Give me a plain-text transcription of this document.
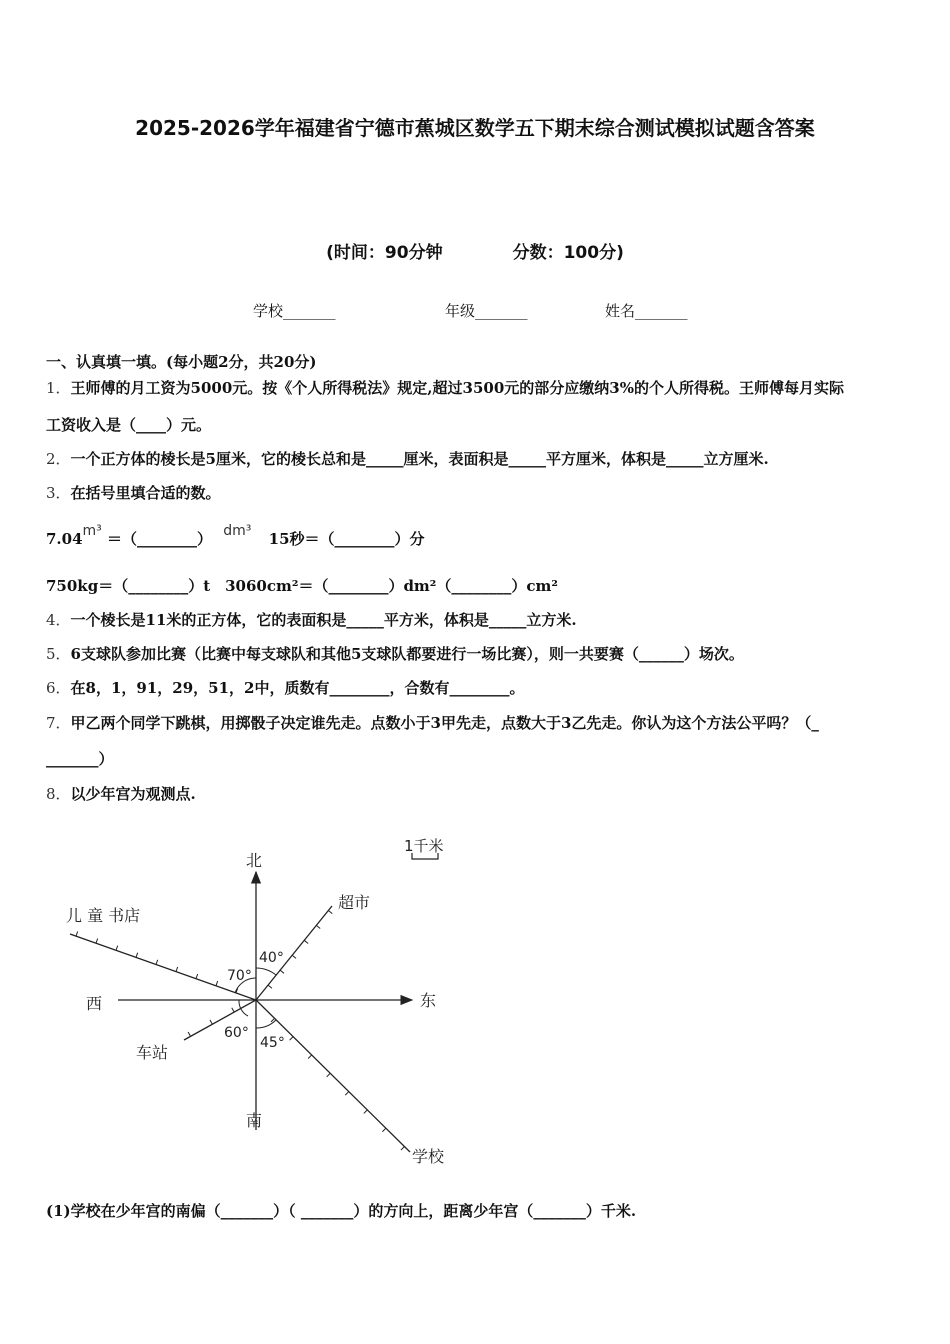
2025-2026学年福建省宁德市蕉城区数学五下期末综合测试模拟试题含答案
(时间：90分钟	分数：100分)
学校_______	年级_______	姓名_______
一、认真填一填。(每小题2分，共20分)
1．王师傅的月工资为5000元。按《个人所得税法》规定,超过3500元的部分应缴纳3%的个人所得税。王师傅每月实际
工资收入是（____）元。
2．一个正方体的棱长是5厘米，它的棱长总和是_____厘米，表面积是_____平方厘米，体积是_____立方厘米.
3．在括号里填合适的数。
7.04m³ ＝（________） dm³ 15秒＝（________）分
750kg＝（________）t　3060cm²＝（________）dm²（________）cm²
4．一个棱长是11米的正方体，它的表面积是_____平方米，体积是_____立方米.
5．6支球队参加比赛（比赛中每支球队和其他5支球队都要进行一场比赛），则一共要赛（______）场次。
6．在8，1，91，29，51，2中，质数有________，合数有________。
7．甲乙两个同学下跳棋，用掷骰子决定谁先走。点数小于3甲先走，点数大于3乙先走。你认为这个方法公平吗？（_
_______）
8．以少年宫为观测点.
1千米
北
南
东
西
儿 童 书店
超市
车站
学校
40°
70°
60°
45°
(1)学校在少年宫的南偏（_______）（ _______）的方向上，距离少年宫（_______）千米.
